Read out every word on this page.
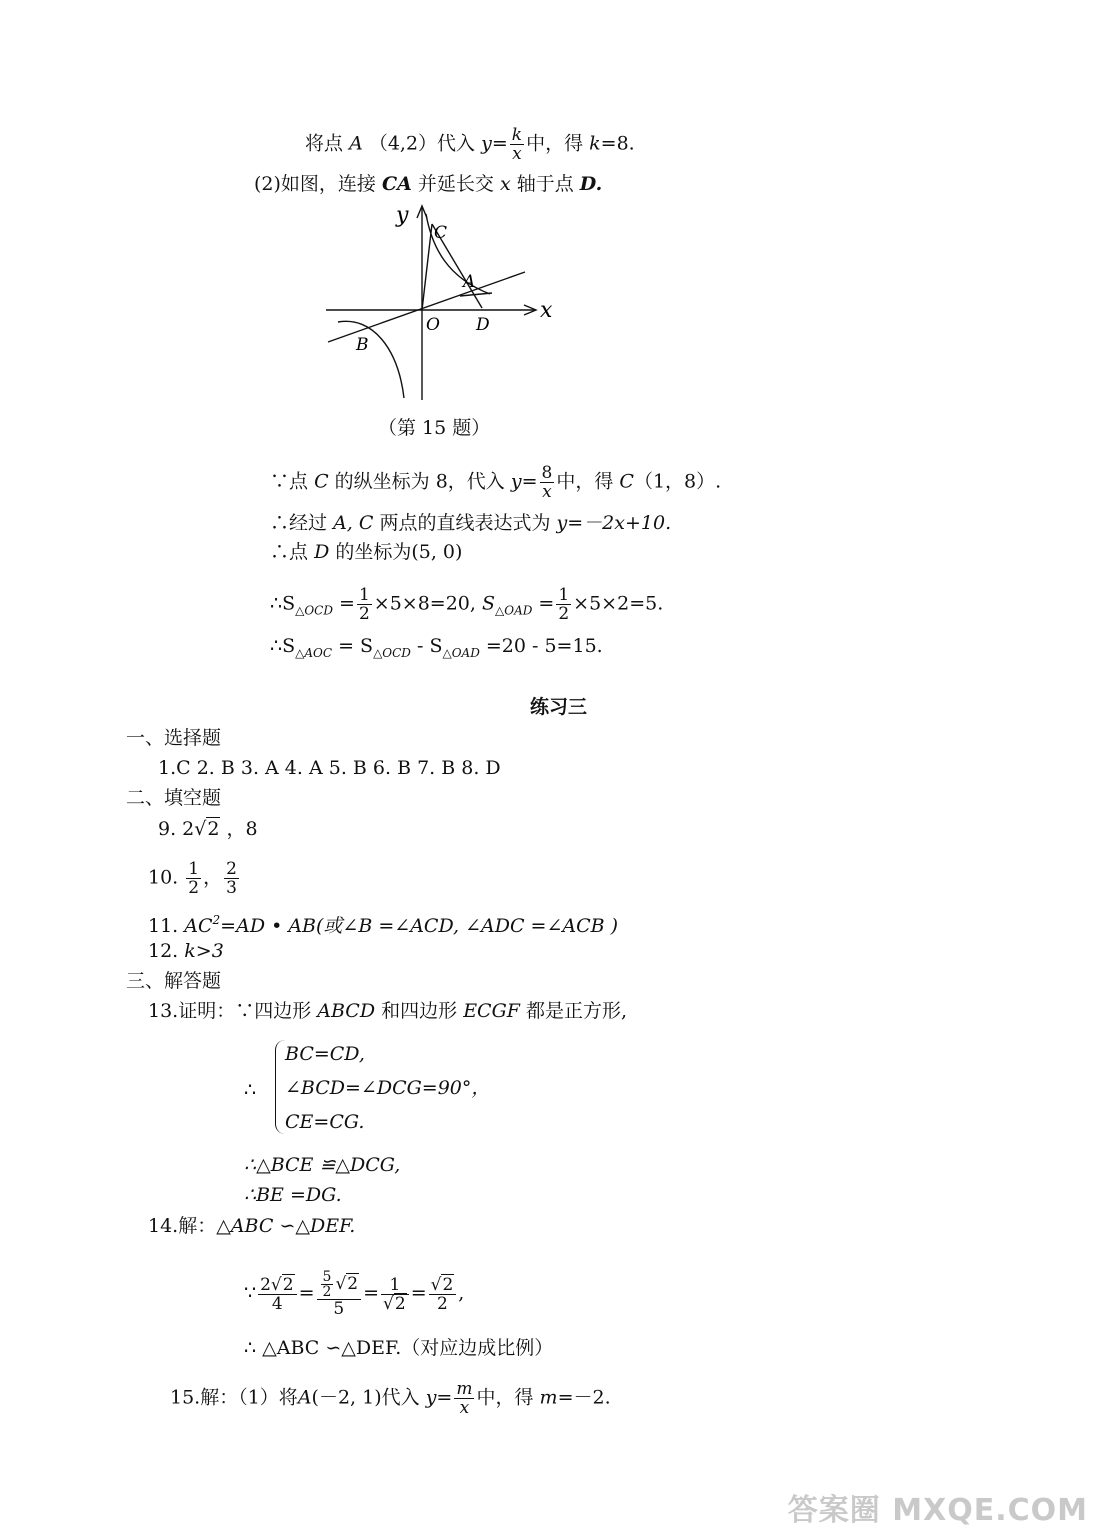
将点 A （4,2）代入 $y= \frac{k}{x}$ 中，得 k=8.
(2)如图，连接 CA 并延长交 x 轴于点 D.
y
x
O
C
A
D
B
（第 15 题）
∵点 C 的纵坐标为 8，代入 $y= \frac{8}{x}$ 中，得 C（1，8）.
∴经过 A, C 两点的直线表达式为 y=－2x+10.
∴点 D 的坐标为(5, 0)
$\therefore S_{\triangle OCD} = \frac{1}{2} \times 5\times 8=20$, $S_{\triangle OAD} = \frac{1}{2} \times 5\times 2=5$.
$\therefore S_{\triangle AOC} = S_{\triangle OCD} - S_{\triangle OAD} =20 - 5=15$.
练习三
一、选择题
1.C 2. B 3. A 4. A 5. B 6. B 7. B 8. D
二、填空题
9. 2√2 ，8
10. $\frac{1}{2}$ ， $\frac{2}{3}$
11. $AC^2=AD$ • AB(或∠B =∠ACD, ∠ADC =∠ACB )
12. k>3
三、解答题
13.证明：∵四边形 ABCD 和四边形 ECGF 都是正方形,
∴
BC=CD,
∠BCD=∠DCG=90°，
CE=CG.
∴△BCE ≌△DCG,
∴BE =DG.
14.解：△ABC ∽△DEF.
∵ $\frac{2√2}{4} = \frac{\frac{5}{2} √2}{5} = \frac{1}{√2} = \frac{√2}{2}$ ,
∴ △ABC ∽△DEF.（对应边成比例）
15.解：（1）将A(－2, 1)代入 $y= \frac{m}{x}$ 中，得 m=－2.
答案圈 MXQE.COM
